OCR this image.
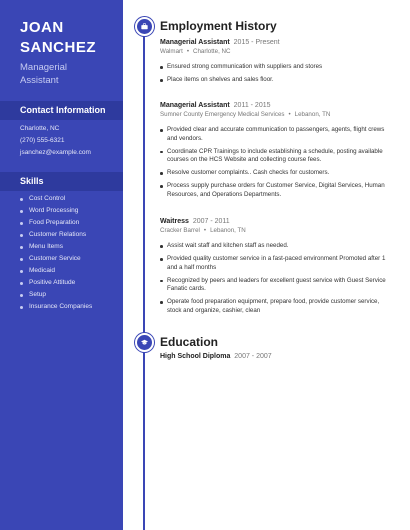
JOAN
SANCHEZ
Managerial
Assistant
Contact Information
Charlotte, NC
(270) 555-6321
jsanchez@example.com
Skills
Cost Control
Word Processing
Food Preparation
Customer Relations
Menu Items
Customer Service
Medicaid
Positive Attitude
Setup
Insurance Companies
Employment History
Managerial Assistant 2015 - Present
Walmart • Charlotte, NC
Ensured strong communication with suppliers and stores
Place items on shelves and sales floor.
Managerial Assistant 2011 - 2015
Sumner County Emergency Medical Services • Lebanon, TN
Provided clear and accurate communication to passengers, agents, flight crews and vendors.
Coordinate CPR Trainings to include establishing a schedule, posting available courses on the HCS Website and collecting course fees.
Resolve customer complaints.. Cash checks for customers.
Process supply purchase orders for Customer Service, Digital Services, Human Resources, and Operations Departments.
Waitress 2007 - 2011
Cracker Barrel • Lebanon, TN
Assist wait staff and kitchen staff as needed.
Provided quality customer service in a fast-paced environment Promoted after 1 and a half months
Recognized by peers and leaders for excellent guest service with Guest Service Fanatic cards.
Operate food preparation equipment, prepare food, provide customer service, stock and organize, cashier, clean
Education
High School Diploma 2007 - 2007
